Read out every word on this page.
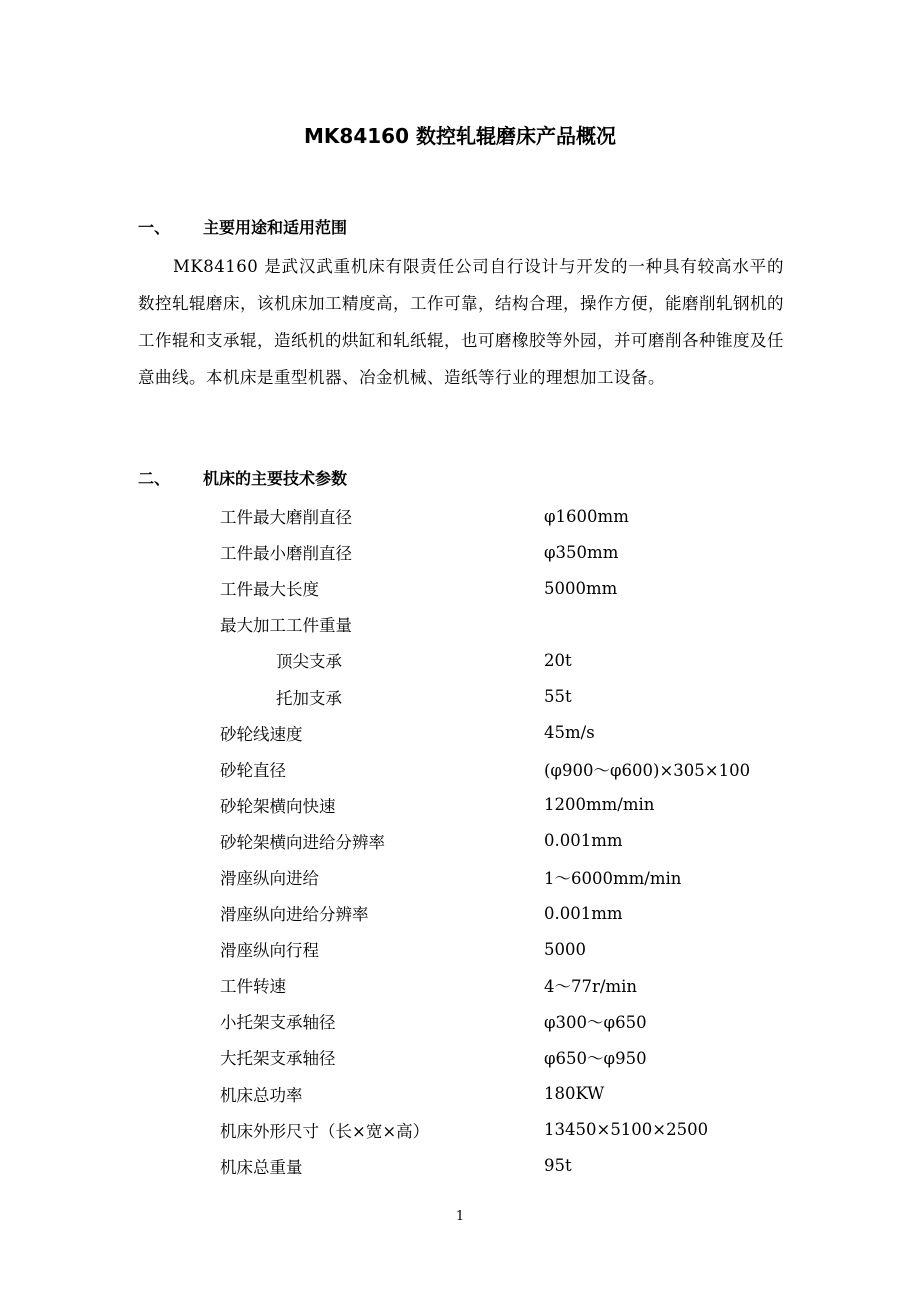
MK84160 数控轧辊磨床产品概况
一、 主要用途和适用范围

MK84160 是武汉武重机床有限责任公司自行设计与开发的一种具有较高水平的数控轧辊磨床，该机床加工精度高，工作可靠，结构合理，操作方便，能磨削轧钢机的工作辊和支承辊，造纸机的烘缸和轧纸辊，也可磨橡胶等外园，并可磨削各种锥度及任意曲线。本机床是重型机器、冶金机械、造纸等行业的理想加工设备。

二、 机床的主要技术参数
工件最大磨削直径	φ1600mm
工件最小磨削直径	φ350mm
工件最大长度	5000mm
最大加工工件重量
顶尖支承	20t
托加支承	55t
砂轮线速度	45m/s
砂轮直径	(φ900～φ600)×305×100
砂轮架横向快速	1200mm/min
砂轮架横向进给分辨率	0.001mm
滑座纵向进给	1～6000mm/min
滑座纵向进给分辨率	0.001mm
滑座纵向行程	5000
工件转速	4～77r/min
小托架支承轴径	φ300～φ650
大托架支承轴径	φ650～φ950
机床总功率	180KW
机床外形尺寸（长×宽×高）	13450×5100×2500
机床总重量	95t
1
